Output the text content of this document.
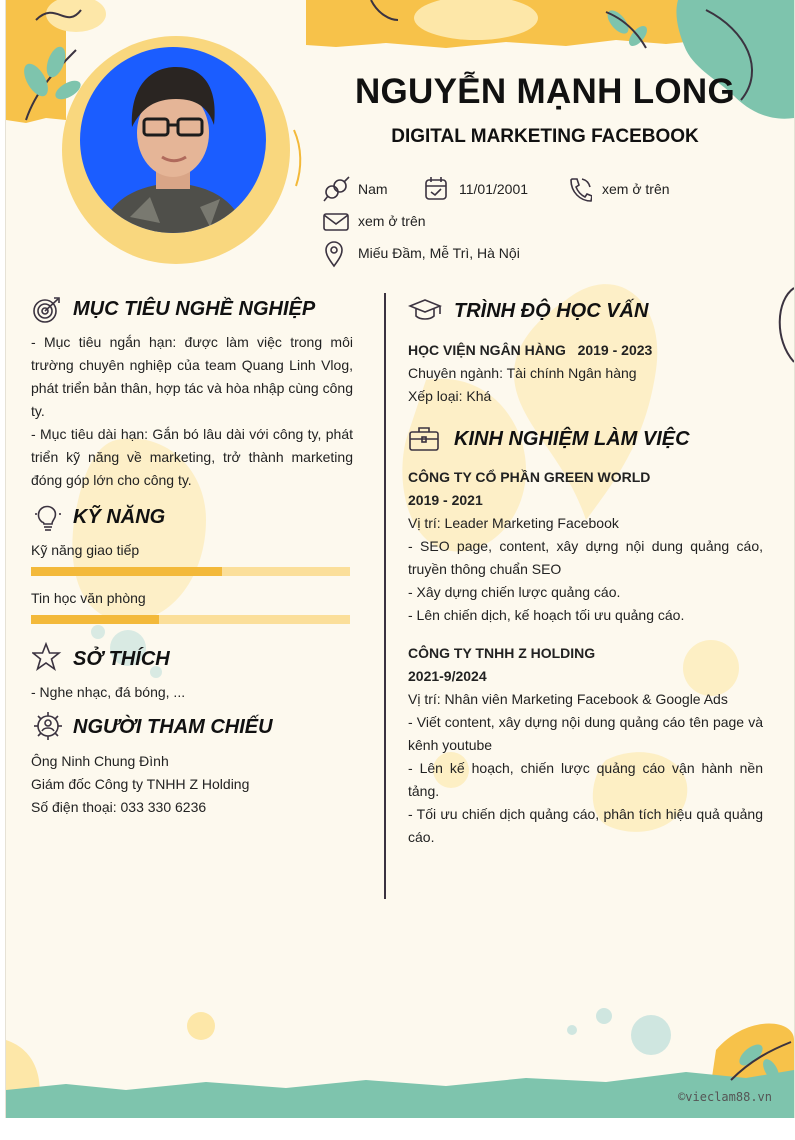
NGUYỄN MẠNH LONG
DIGITAL MARKETING FACEBOOK
Nam	11/01/2001	xem ở trên
xem ở trên
Miếu Đầm, Mễ Trì, Hà Nội
MỤC TIÊU NGHỀ NGHIỆP

- Mục tiêu ngắn hạn: được làm việc trong môi trường chuyên nghiệp của team Quang Linh Vlog, phát triển bản thân, hợp tác và hòa nhập cùng công ty.

- Mục tiêu dài hạn: Gắn bó lâu dài với công ty, phát triển kỹ năng về marketing, trở thành marketing đóng góp lớn cho công ty.

KỸ NĂNG
Kỹ năng giao tiếp
Tin học văn phòng
SỞ THÍCH
- Nghe nhạc, đá bóng, ...
NGƯỜI THAM CHIẾU
Ông Ninh Chung Đình
Giám đốc Công ty TNHH Z Holding
Số điện thoại: 033 330 6236
TRÌNH ĐỘ HỌC VẤN
HỌC VIỆN NGÂN HÀNG 2019 - 2023
Chuyên ngành: Tài chính Ngân hàng
Xếp loại: Khá
KINH NGHIỆM LÀM VIỆC
CÔNG TY CỔ PHẦN GREEN WORLD
2019 - 2021
Vị trí: Leader Marketing Facebook

- SEO page, content, xây dựng nội dung quảng cáo, truyền thông chuẩn SEO

- Xây dựng chiến lược quảng cáo.

- Lên chiến dịch, kế hoạch tối ưu quảng cáo.

CÔNG TY TNHH Z HOLDING
2021-9/2024
Vị trí: Nhân viên Marketing Facebook & Google Ads

- Viết content, xây dựng nội dung quảng cáo tên page và kênh youtube

- Lên kế hoạch, chiến lược quảng cáo vận hành nền tảng.

- Tối ưu chiến dịch quảng cáo, phân tích hiệu quả quảng cáo.

©vieclam88.vn
